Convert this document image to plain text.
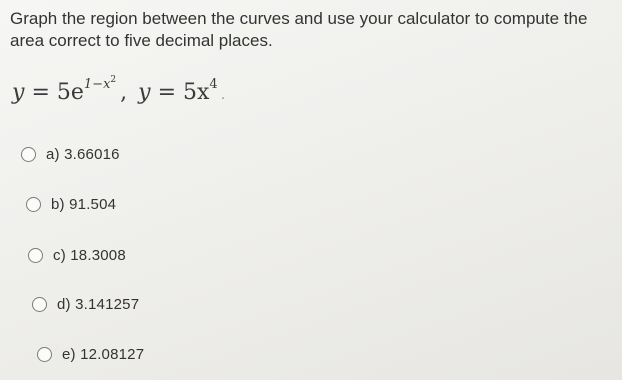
Graph the region between the curves and use your calculator to compute the area correct to five decimal places.
$y = 5e^{1-x^2}$ , $y = 5x^4$.
a) 3.66016
b) 91.504
c) 18.3008
d) 3.141257
e) 12.08127
